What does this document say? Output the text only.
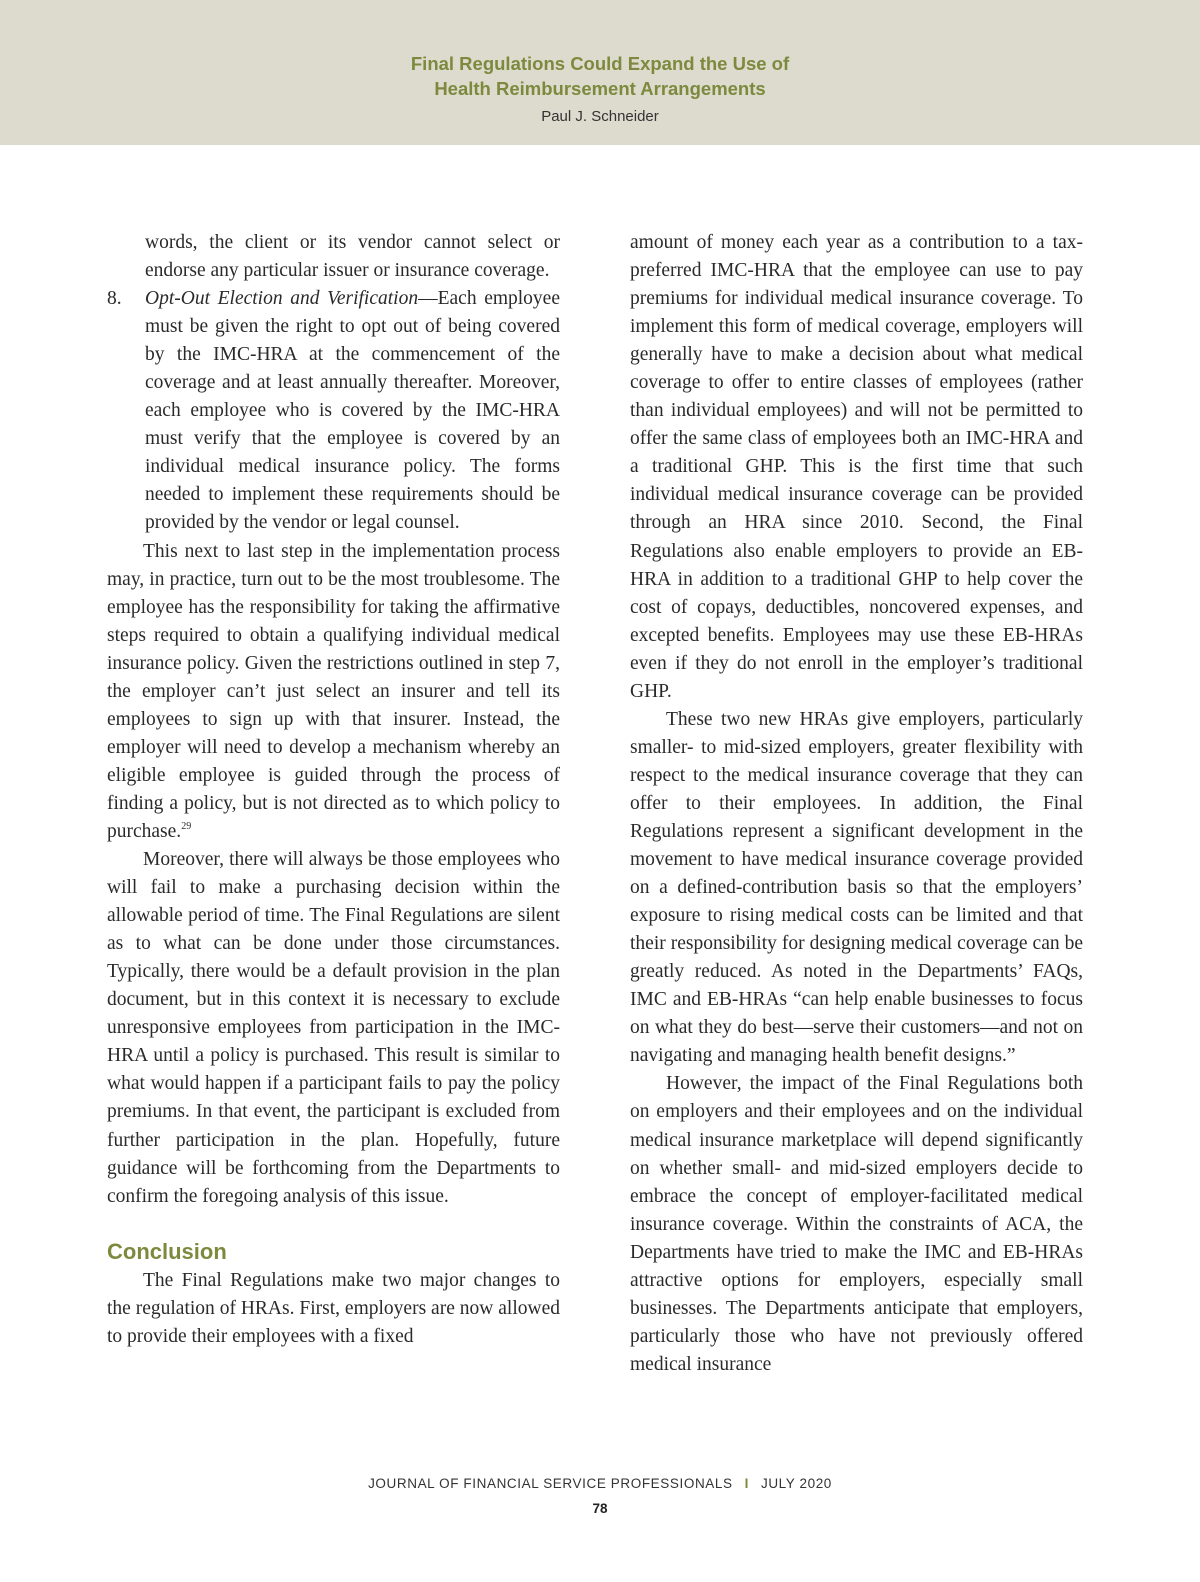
Final Regulations Could Expand the Use of
Health Reimbursement Arrangements
Paul J. Schneider

words, the client or its vendor cannot select or endorse any particular issuer or insurance coverage.

8. Opt-Out Election and Verification—Each employee must be given the right to opt out of being covered by the IMC-HRA at the commencement of the coverage and at least annually thereafter. Moreover, each employee who is covered by the IMC-HRA must verify that the employee is covered by an individual medical insurance policy. The forms needed to implement these requirements should be provided by the vendor or legal counsel.

This next to last step in the implementation process may, in practice, turn out to be the most troublesome. The employee has the responsibility for taking the affirmative steps required to obtain a qualifying individual medical insurance policy. Given the restrictions outlined in step 7, the employer can’t just select an insurer and tell its employees to sign up with that insurer. Instead, the employer will need to develop a mechanism whereby an eligible employee is guided through the process of finding a policy, but is not directed as to which policy to purchase.$^{29}$

Moreover, there will always be those employees who will fail to make a purchasing decision within the allowable period of time. The Final Regulations are silent as to what can be done under those circumstances. Typically, there would be a default provision in the plan document, but in this context it is necessary to exclude unresponsive employees from participation in the IMC-HRA until a policy is purchased. This result is similar to what would happen if a participant fails to pay the policy premiums. In that event, the participant is excluded from further participation in the plan. Hopefully, future guidance will be forthcoming from the Departments to confirm the foregoing analysis of this issue.

Conclusion

The Final Regulations make two major changes to the regulation of HRAs. First, employers are now allowed to provide their employees with a fixed

amount of money each year as a contribution to a tax-preferred IMC-HRA that the employee can use to pay premiums for individual medical insurance coverage. To implement this form of medical coverage, employers will generally have to make a decision about what medical coverage to offer to entire classes of employees (rather than individual employees) and will not be permitted to offer the same class of employees both an IMC-HRA and a traditional GHP. This is the first time that such individual medical insurance coverage can be provided through an HRA since 2010. Second, the Final Regulations also enable employers to provide an EB-HRA in addition to a traditional GHP to help cover the cost of copays, deductibles, noncovered expenses, and excepted benefits. Employees may use these EB-HRAs even if they do not enroll in the employer’s traditional GHP.

These two new HRAs give employers, particularly smaller- to mid-sized employers, greater flexibility with respect to the medical insurance coverage that they can offer to their employees. In addition, the Final Regulations represent a significant development in the movement to have medical insurance coverage provided on a defined-contribution basis so that the employers’ exposure to rising medical costs can be limited and that their responsibility for designing medical coverage can be greatly reduced. As noted in the Departments’ FAQs, IMC and EB-HRAs “can help enable businesses to focus on what they do best—serve their customers—and not on navigating and managing health benefit designs.”

However, the impact of the Final Regulations both on employers and their employees and on the individual medical insurance marketplace will depend significantly on whether small- and mid-sized employers decide to embrace the concept of employer-facilitated medical insurance coverage. Within the constraints of ACA, the Departments have tried to make the IMC and EB-HRAs attractive options for employers, especially small businesses. The Departments anticipate that employers, particularly those who have not previously offered medical insurance

JOURNAL OF FINANCIAL SERVICE PROFESSIONALS I JULY 2020
78
